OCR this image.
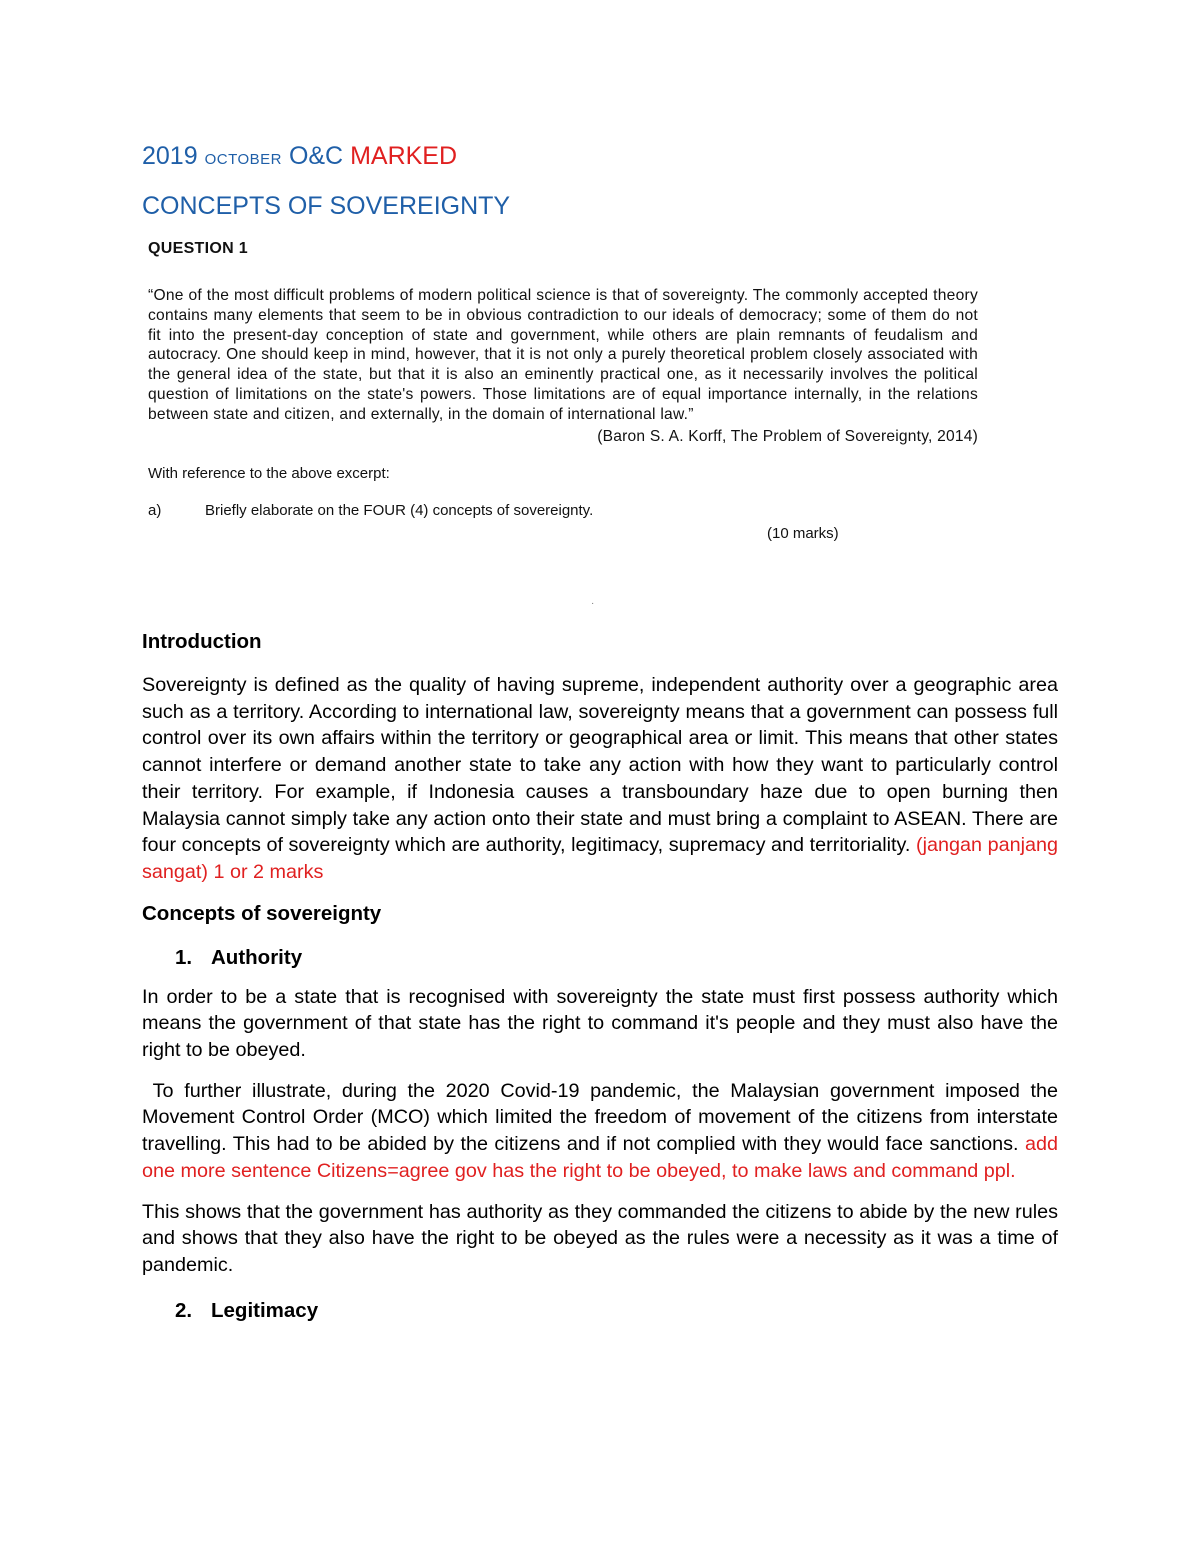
2019 OCTOBER O&C MARKED
CONCEPTS OF SOVEREIGNTY
QUESTION 1

“One of the most difficult problems of modern political science is that of sovereignty. The commonly accepted theory contains many elements that seem to be in obvious contradiction to our ideals of democracy; some of them do not fit into the present-day conception of state and government, while others are plain remnants of feudalism and autocracy. One should keep in mind, however, that it is not only a purely theoretical problem closely associated with the general idea of the state, but that it is also an eminently practical one, as it necessarily involves the political question of limitations on the state's powers. Those limitations are of equal importance internally, in the relations between state and citizen, and externally, in the domain of international law.”

(Baron S. A. Korff, The Problem of Sovereignty, 2014)
With reference to the above excerpt:
a)	Briefly elaborate on the FOUR (4) concepts of sovereignty.
(10 marks)
·
Introduction

Sovereignty is defined as the quality of having supreme, independent authority over a geographic area such as a territory. According to international law, sovereignty means that a government can possess full control over its own affairs within the territory or geographical area or limit. This means that other states cannot interfere or demand another state to take any action with how they want to particularly control their territory. For example, if Indonesia causes a transboundary haze due to open burning then Malaysia cannot simply take any action onto their state and must bring a complaint to ASEAN. There are four concepts of sovereignty which are authority, legitimacy, supremacy and territoriality. (jangan panjang sangat) 1 or 2 marks

Concepts of sovereignty
1. Authority

In order to be a state that is recognised with sovereignty the state must first possess authority which means the government of that state has the right to command it's people and they must also have the right to be obeyed.

To further illustrate, during the 2020 Covid-19 pandemic, the Malaysian government imposed the Movement Control Order (MCO) which limited the freedom of movement of the citizens from interstate travelling. This had to be abided by the citizens and if not complied with they would face sanctions. add one more sentence Citizens=agree gov has the right to be obeyed, to make laws and command ppl.

This shows that the government has authority as they commanded the citizens to abide by the new rules and shows that they also have the right to be obeyed as the rules were a necessity as it was a time of pandemic.

2. Legitimacy
